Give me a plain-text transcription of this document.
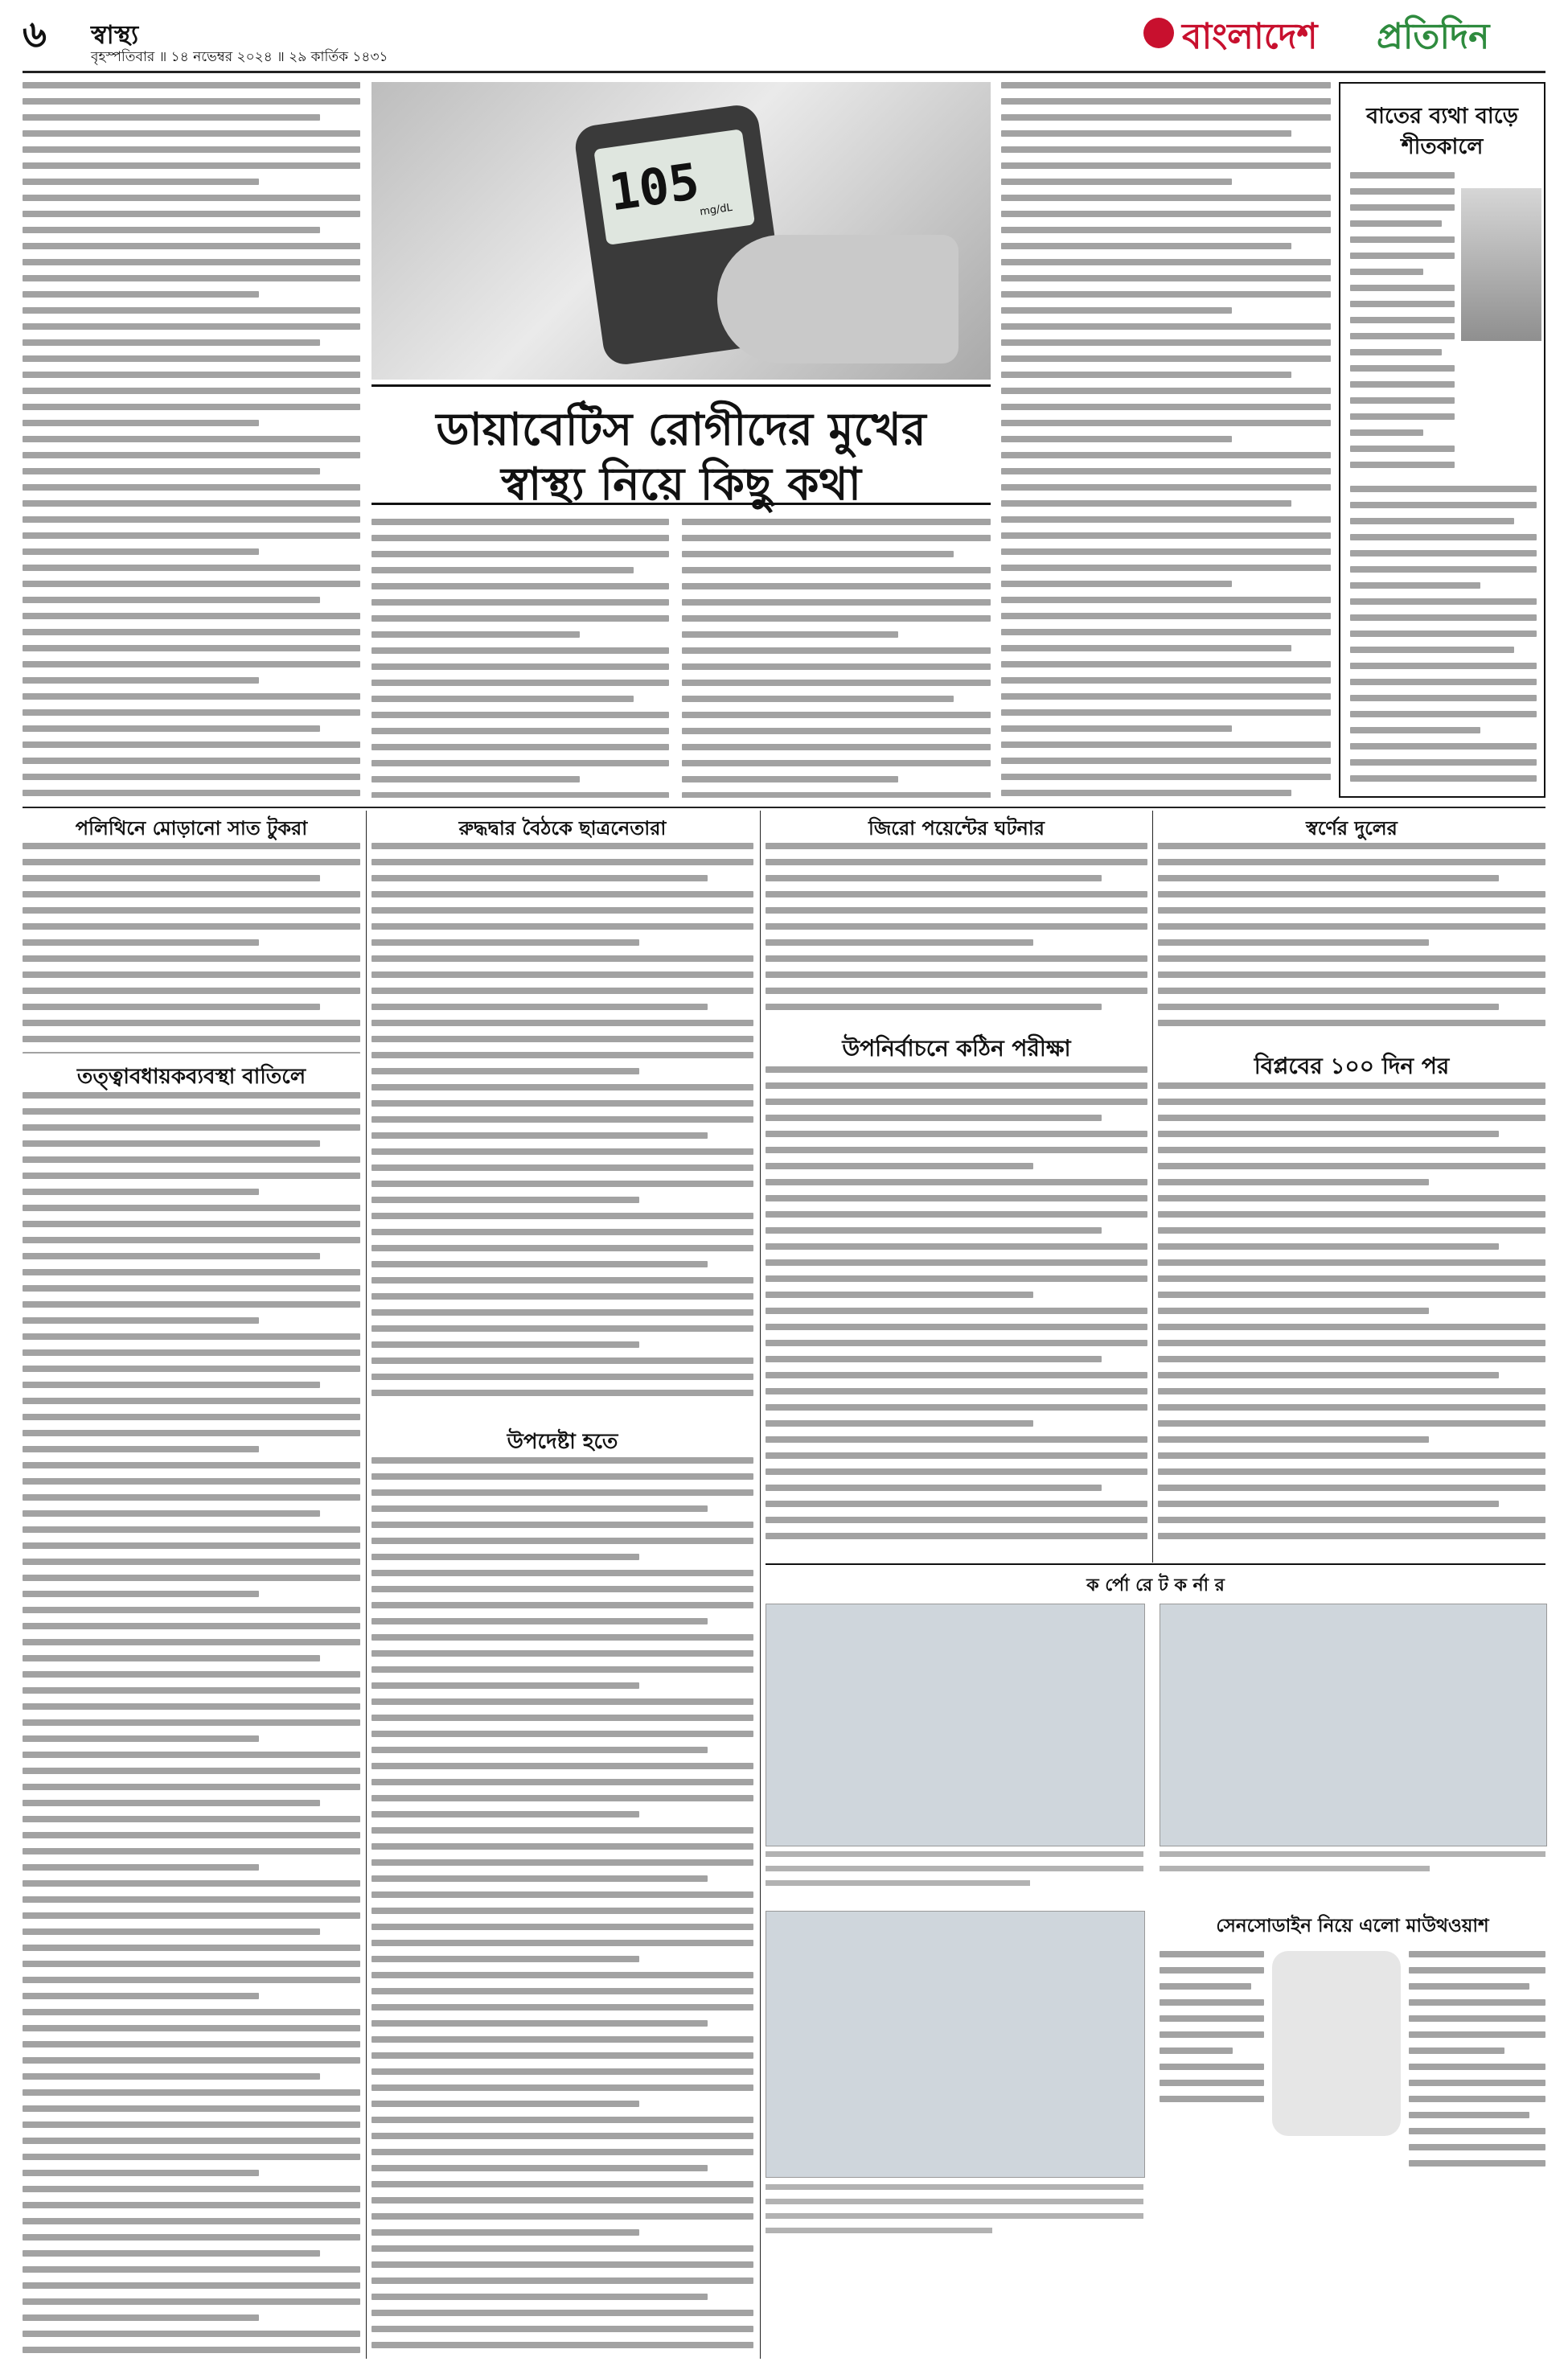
৬	স্বাস্থ্য
বৃহস্পতিবার ॥ ১৪ নভেম্বর ২০২৪ ॥ ২৯ কার্তিক ১৪৩১	বাংলাদেশ প্রতিদিন
105
mg/dL
ডায়াবেটিস রোগীদের মুখের
স্বাস্থ্য নিয়ে কিছু কথা
বাতের ব্যথা বাড়ে
শীতকালে
পলিথিনে মোড়ানো সাত টুকরা
তত্ত্বাবধায়কব্যবস্থা বাতিলে
রুদ্ধদ্বার বৈঠকে ছাত্রনেতারা
উপদেষ্টা হতে
জিরো পয়েন্টের ঘটনার
উপনির্বাচনে কঠিন পরীক্ষা
স্বর্ণের দুলের
বিপ্লবের ১০০ দিন পর
ক র্পো রে ট ক র্না র
সেনসোডাইন নিয়ে এলো মাউথওয়াশ
